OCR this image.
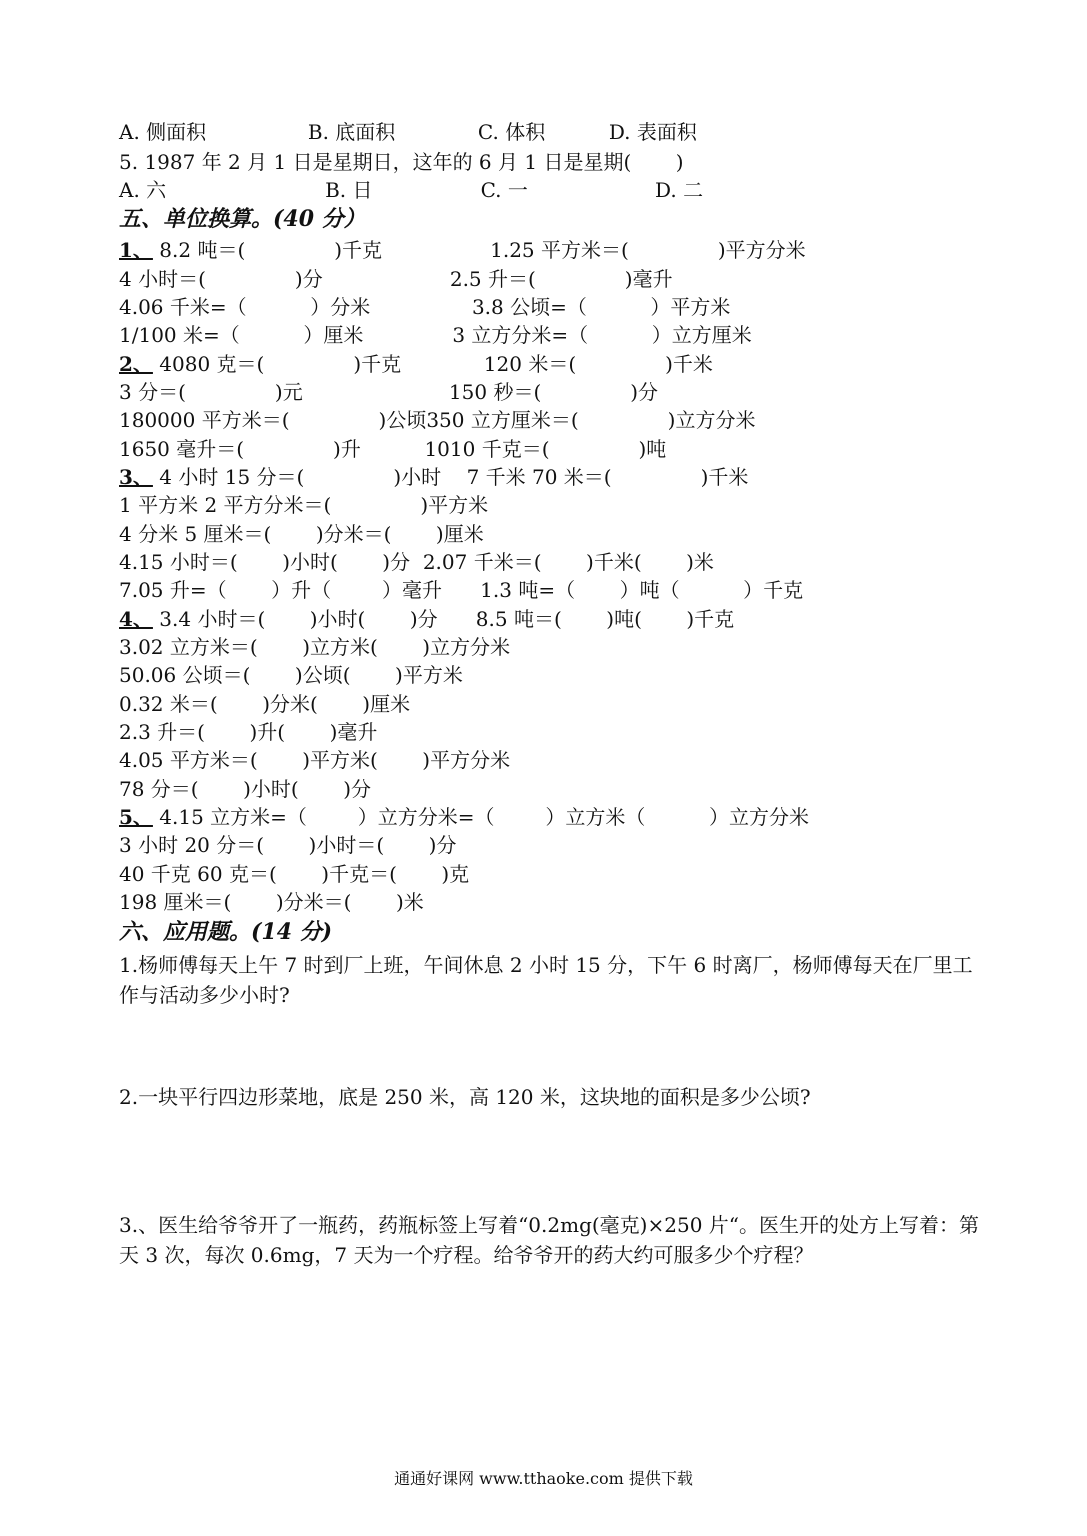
A. 侧面积                B. 底面积             C. 体积          D. 表面积
5. 1987 年 2 月 1 日是星期日，这年的 6 月 1 日是星期(       )
A. 六                         B. 日                 C. 一                    D. 二
五、单位换算。(40 分）
1、 8.2 吨＝(              )千克                 1.25 平方米＝(              )平方分米
4 小时＝(              )分                    2.5 升＝(              )毫升
4.06 千米=（          ）分米                3.8 公顷=（          ）平方米
1/100 米=（          ）厘米              3 立方分米=（          ）立方厘米
2、 4080 克＝(              )千克             120 米＝(              )千米
3 分＝(              )元                       150 秒＝(              )分
180000 平方米＝(              )公顷350 立方厘米＝(              )立方分米
1650 毫升＝(              )升          1010 千克＝(              )吨
3、 4 小时 15 分＝(              )小时    7 千米 70 米＝(              )千米
1 平方米 2 平方分米＝(              )平方米
4 分米 5 厘米＝(       )分米＝(       )厘米
4.15 小时＝(       )小时(       )分  2.07 千米＝(       )千米(       )米
7.05 升=（       ）升（        ）毫升      1.3 吨=（       ）吨（          ）千克
4、 3.4 小时＝(       )小时(       )分      8.5 吨＝(       )吨(       )千克
3.02 立方米＝(       )立方米(       )立方分米
50.06 公顷＝(       )公顷(       )平方米
0.32 米＝(       )分米(       )厘米
2.3 升＝(       )升(       )毫升
4.05 平方米＝(       )平方米(       )平方分米
78 分＝(       )小时(       )分
5、 4.15 立方米=（        ）立方分米=（        ）立方米（          ）立方分米
3 小时 20 分＝(       )小时＝(       )分
40 千克 60 克＝(       )千克＝(       )克
198 厘米＝(       )分米＝(       )米
六、应用题。(14 分)
1.杨师傅每天上午 7 时到厂上班，午间休息 2 小时 15 分，下午 6 时离厂，杨师傅每天在厂里工作与活动多少小时?
2.一块平行四边形菜地，底是 250 米，高 120 米，这块地的面积是多少公顷?
3.、医生给爷爷开了一瓶药，药瓶标签上写着“0.2mg(毫克)×250 片“。医生开的处方上写着：第天 3 次，每次 0.6mg，7 天为一个疗程。给爷爷开的药大约可服多少个疗程？
通通好课网 www.tthaoke.com 提供下载
